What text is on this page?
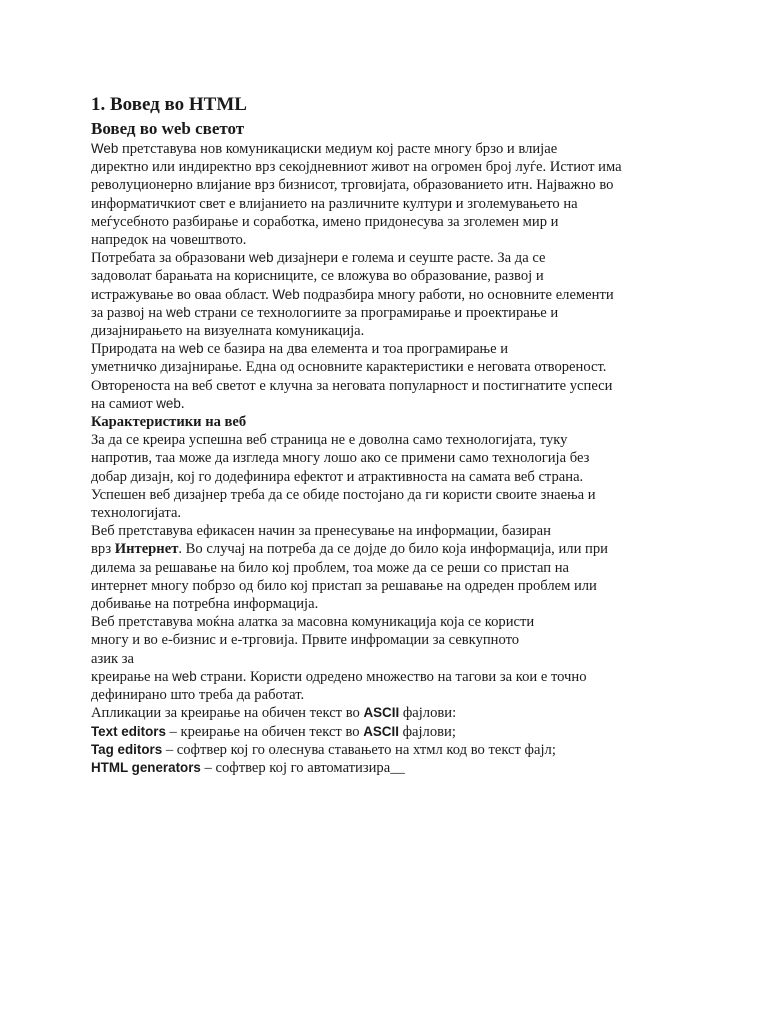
1. Вовед во HTML
Вовед во web светот
Web претставува нов комуникациски медиум кој расте многу брзо и влијае
директно или индиректно врз секојдневниот живот на огромен број луѓе. Истиот има
револуционерно влијание врз бизнисот, трговијата, образованието итн. Најважно во
информатичкиот свет е влијанието на различните култури и зголемувањето на
меѓусебното разбирање и соработка, имено придонесува за зголемен мир и
напредок на човештвото.
Потребата за образовани web дизајнери е голема и сеуште расте. За да се
задоволат барањата на корисниците, се вложува во образование, развој и
истражување во оваа област. Web подразбира многу работи, но основните елементи
за развој на web страни се технологиите за програмирање и проектирање и
дизајнирањето на визуелната комуникација.
Природата на web се базира на два елемента и тоа програмирање и
уметничко дизајнирање. Една од основните карактеристики е неговата отвореност.
Овтореноста на веб светот е клучна за неговата популарност и постигнатите успеси
на самиот web.
Карактеристики на веб
За да се креира успешна веб страница не е доволна само технологијата, туку
напротив, таа може да изгледа многу лошо ако се примени само технологија без
добар дизајн, кој го додефинира ефектот и атрактивноста на самата веб страна.
Успешен веб дизајнер треба да се обиде постојано да ги користи своите знаења и
технологијата.
Веб претставува ефикасен начин за пренесување на информации, базиран
врз Интернет. Во случај на потреба да се дојде до било која информација, или при
дилема за решавање на било кој проблем, тоа може да се реши со пристап на
интернет многу побрзо од било кој пристап за решавање на одреден проблем или
добивање на потребна информација.
Веб претставува моќна алатка за масовна комуникација која се користи
многу и во е-бизнис и е-трговија. Првите инфромации за севкупното
азик за
креирање на web страни. Користи одредено множество на тагови за кои е точно
дефинирано што треба да работат.
Апликации за креирање на обичен текст во ASCII фајлови:
Text editors – креирање на обичен текст во ASCII фајлови;
Tag editors – софтвер кој го олеснува ставањето на хтмл код во текст фајл;
HTML generators – софтвер кој го автоматизира__
